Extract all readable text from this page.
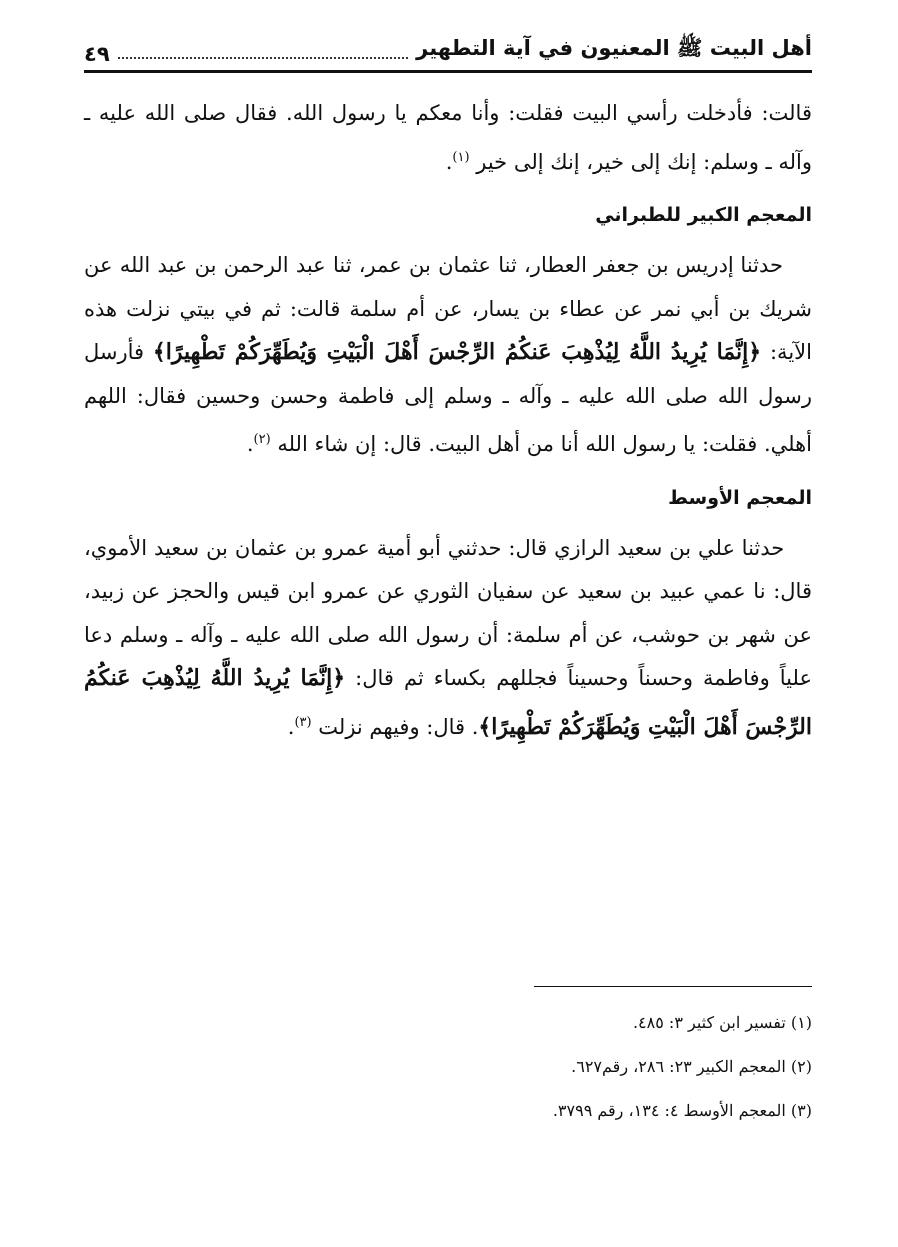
أهل البيت ﷺ المعنيون في آية التطهير
٤٩

قالت: فأدخلت رأسي البيت فقلت: وأنا معكم يا رسول الله. فقال صلى الله عليه ـ وآله ـ وسلم: إنك إلى خير، إنك إلى خير $^{(١)}$.

المعجم الكبير للطبراني

حدثنا إدريس بن جعفر العطار، ثنا عثمان بن عمر، ثنا عبد الرحمن بن عبد الله عن شريك بن أبي نمر عن عطاء بن يسار، عن أم سلمة قالت: ثم في بيتي نزلت هذه الآية: ﴿إِنَّمَا يُرِيدُ اللَّهُ لِيُذْهِبَ عَنكُمُ الرِّجْسَ أَهْلَ الْبَيْتِ وَيُطَهِّرَكُمْ تَطْهِيرًا﴾ فأرسل رسول الله صلى الله عليه ـ وآله ـ وسلم إلى فاطمة وحسن وحسين فقال: اللهم أهلي. فقلت: يا رسول الله أنا من أهل البيت. قال: إن شاء الله $^{(٢)}$.

المعجم الأوسط

حدثنا علي بن سعيد الرازي قال: حدثني أبو أمية عمرو بن عثمان بن سعيد الأموي، قال: نا عمي عبيد بن سعيد عن سفيان الثوري عن عمرو ابن قيس والحجز عن زبيد، عن شهر بن حوشب، عن أم سلمة: أن رسول الله صلى الله عليه ـ وآله ـ وسلم دعا علياً وفاطمة وحسناً وحسيناً فجللهم بكساء ثم قال: ﴿إِنَّمَا يُرِيدُ اللَّهُ لِيُذْهِبَ عَنكُمُ الرِّجْسَ أَهْلَ الْبَيْتِ وَيُطَهِّرَكُمْ تَطْهِيرًا﴾. قال: وفيهم نزلت $^{(٣)}$.

(١) تفسير ابن كثير ٣: ٤٨٥.

(٢) المعجم الكبير ٢٣: ٢٨٦، رقم٦٢٧.

(٣) المعجم الأوسط ٤: ١٣٤، رقم ٣٧٩٩.
